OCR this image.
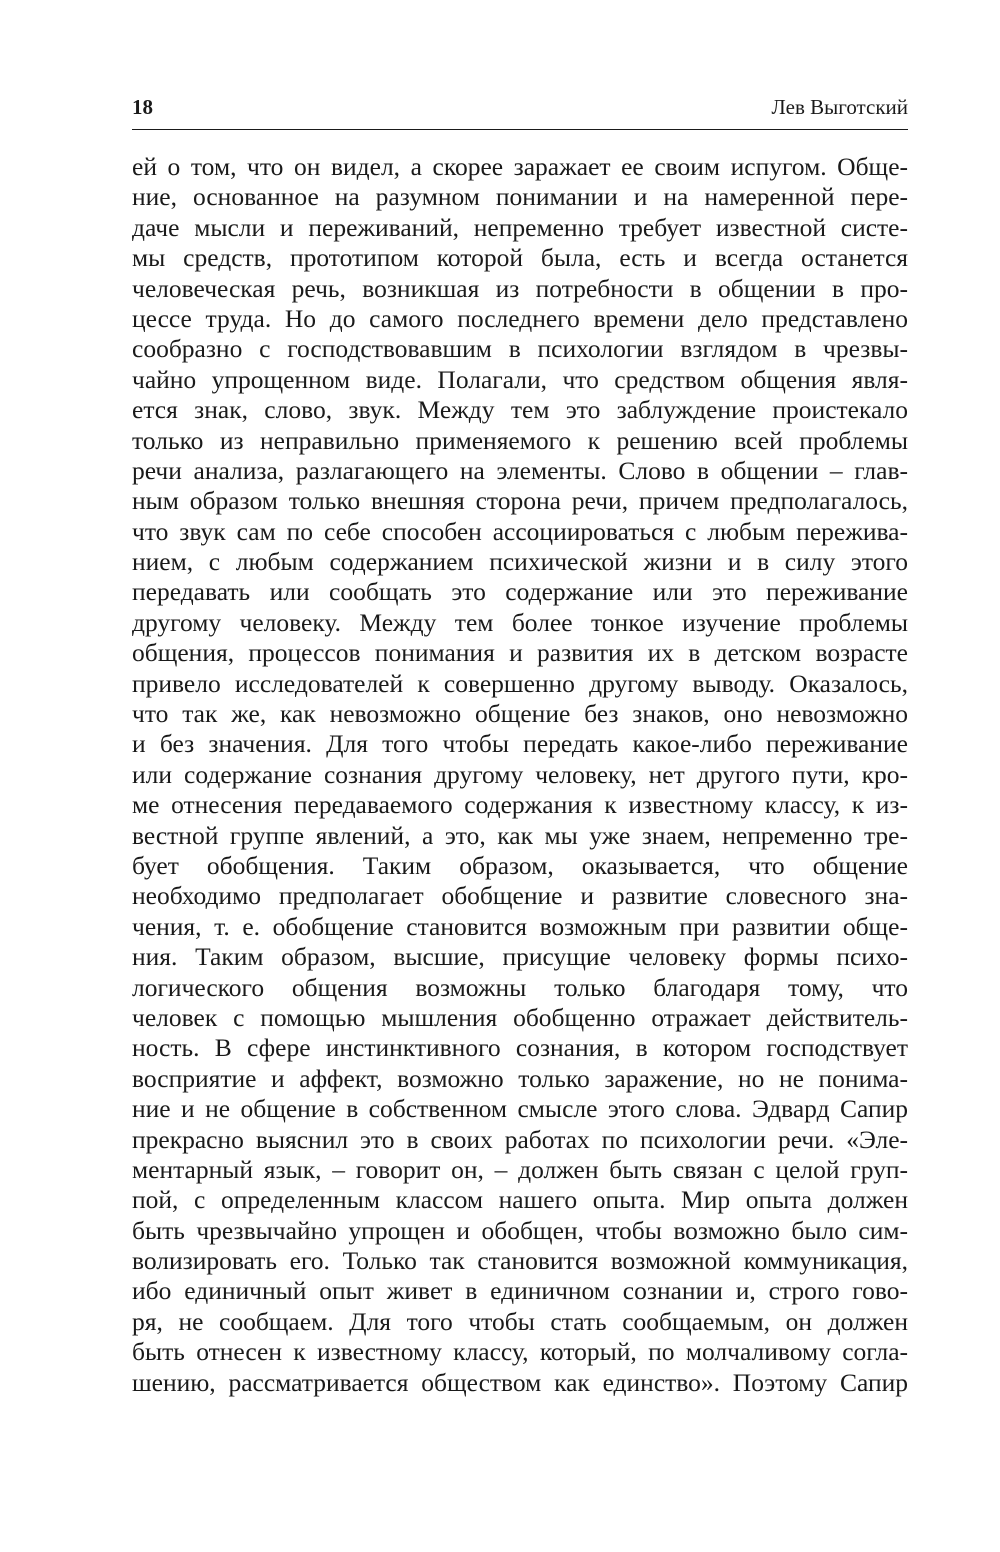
18	Лев Выготский
ей о том, что он видел, а скорее заражает ее своим испугом. Обще-
ние, основанное на разумном понимании и на намеренной пере-
даче мысли и переживаний, непременно требует известной систе-
мы средств, прототипом которой была, есть и всегда останется
человеческая речь, возникшая из потребности в общении в про-
цессе труда. Но до самого последнего времени дело представлено
сообразно с господствовавшим в психологии взглядом в чрезвы-
чайно упрощенном виде. Полагали, что средством общения явля-
ется знак, слово, звук. Между тем это заблуждение проистекало
только из неправильно применяемого к решению всей проблемы
речи анализа, разлагающего на элементы. Слово в общении – глав-
ным образом только внешняя сторона речи, причем предполагалось,
что звук сам по себе способен ассоциироваться с любым пережива-
нием, с любым содержанием психической жизни и в силу этого
передавать или сообщать это содержание или это переживание
другому человеку. Между тем более тонкое изучение проблемы
общения, процессов понимания и развития их в детском возрасте
привело исследователей к совершенно другому выводу. Оказалось,
что так же, как невозможно общение без знаков, оно невозможно
и без значения. Для того чтобы передать какое-либо переживание
или содержание сознания другому человеку, нет другого пути, кро-
ме отнесения передаваемого содержания к известному классу, к из-
вестной группе явлений, а это, как мы уже знаем, непременно тре-
бует обобщения. Таким образом, оказывается, что общение
необходимо предполагает обобщение и развитие словесного зна-
чения, т. е. обобщение становится возможным при развитии обще-
ния. Таким образом, высшие, присущие человеку формы психо-
логического общения возможны только благодаря тому, что
человек с помощью мышления обобщенно отражает действитель-
ность. В сфере инстинктивного сознания, в котором господствует
восприятие и аффект, возможно только заражение, но не понима-
ние и не общение в собственном смысле этого слова. Эдвард Сапир
прекрасно выяснил это в своих работах по психологии речи. «Эле-
ментарный язык, – говорит он, – должен быть связан с целой груп-
пой, с определенным классом нашего опыта. Мир опыта должен
быть чрезвычайно упрощен и обобщен, чтобы возможно было сим-
волизировать его. Только так становится возможной коммуникация,
ибо единичный опыт живет в единичном сознании и, строго гово-
ря, не сообщаем. Для того чтобы стать сообщаемым, он должен
быть отнесен к известному классу, который, по молчаливому согла-
шению, рассматривается обществом как единство». Поэтому Сапир
